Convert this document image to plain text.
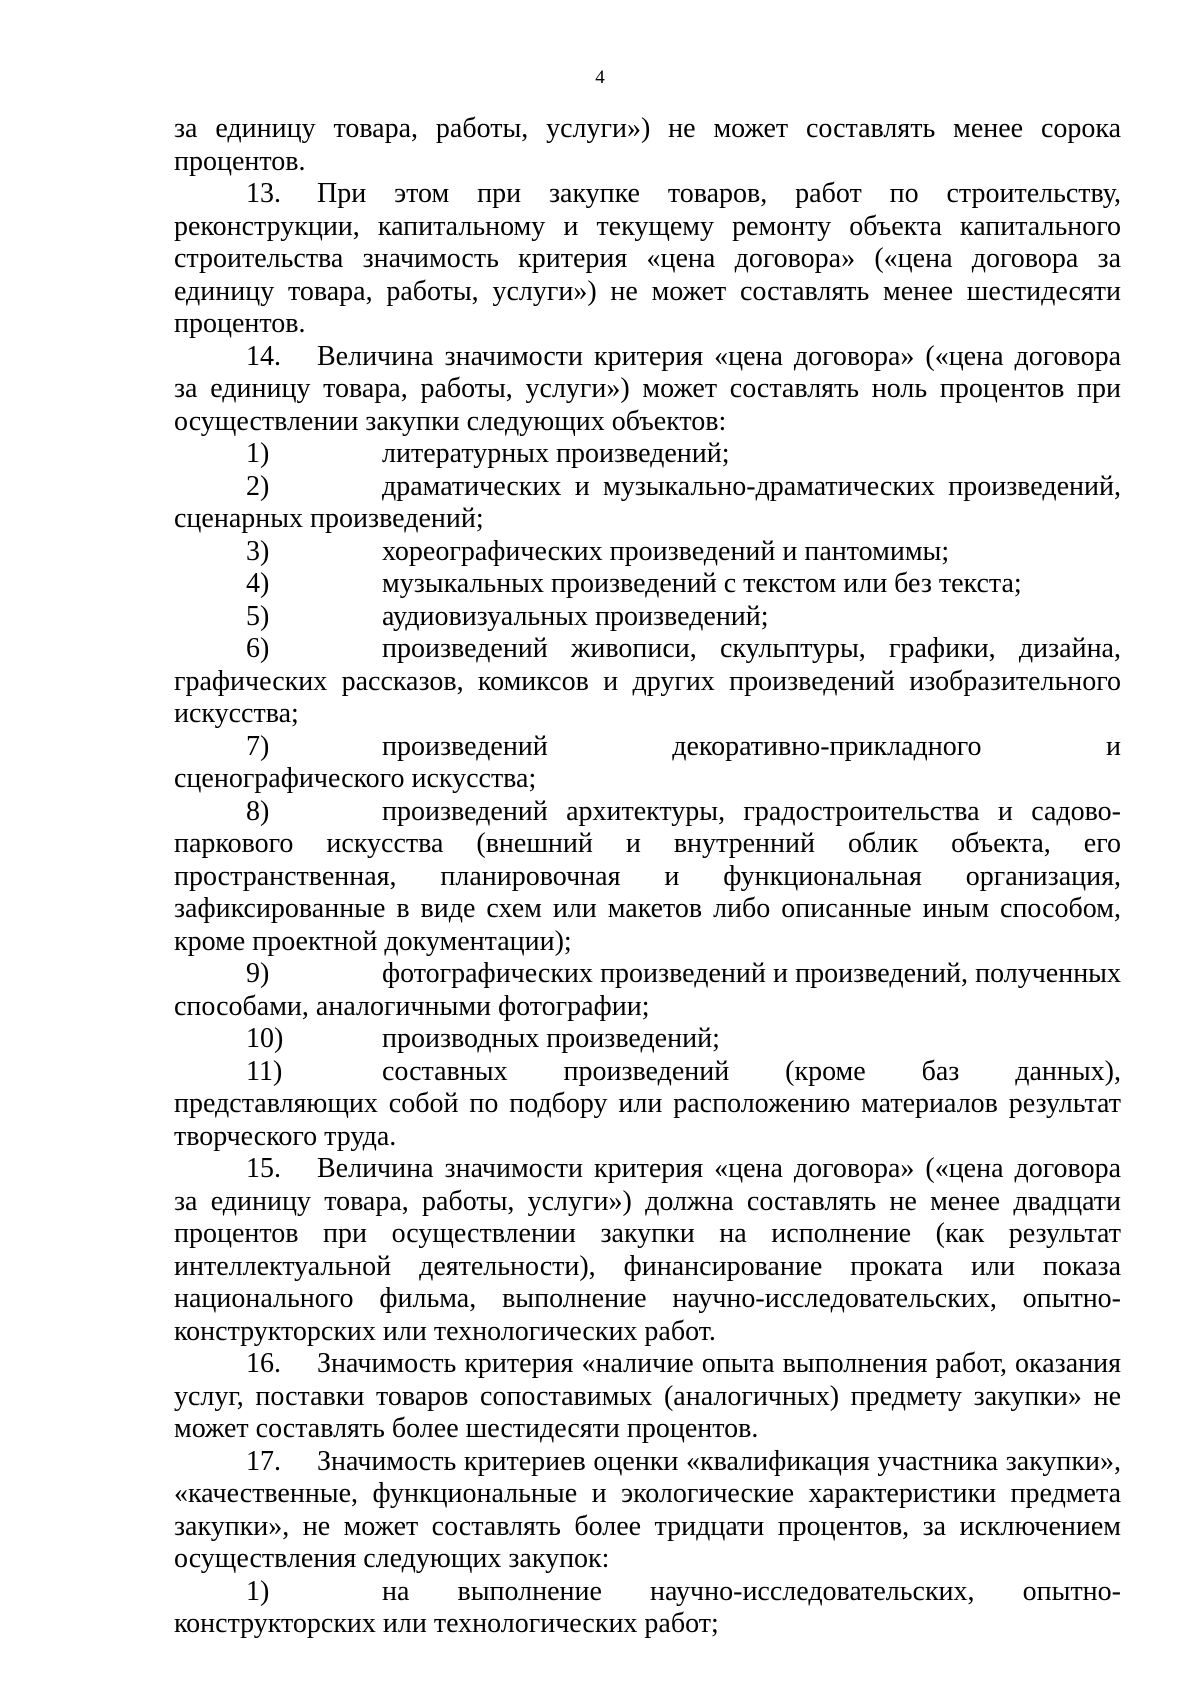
4

за единицу товара, работы, услуги») не может составлять менее сорока процентов.

13. При этом при закупке товаров, работ по строительству, реконструкции, капитальному и текущему ремонту объекта капитального строительства значимость критерия «цена договора» («цена договора за единицу товара, работы, услуги») не может составлять менее шестидесяти процентов.

14. Величина значимости критерия «цена договора» («цена договора за единицу товара, работы, услуги») может составлять ноль процентов при осуществлении закупки следующих объектов:

1)	литературных произведений;

2)	драматических и музыкально-драматических произведений, сценарных произведений;

3)	хореографических произведений и пантомимы;

4)	музыкальных произведений с текстом или без текста;

5)	аудиовизуальных произведений;

6)	произведений живописи, скульптуры, графики, дизайна, графических рассказов, комиксов и других произведений изобразительного искусства;

7)	произведений декоративно-прикладного и сценографического искусства;

8)	произведений архитектуры, градостроительства и садово-паркового искусства (внешний и внутренний облик объекта, его пространственная, планировочная и функциональная организация, зафиксированные в виде схем или макетов либо описанные иным способом, кроме проектной документации);

9)	фотографических произведений и произведений, полученных способами, аналогичными фотографии;

10)	производных произведений;

11)	составных произведений (кроме баз данных), представляющих собой по подбору или расположению материалов результат творческого труда.

15. Величина значимости критерия «цена договора» («цена договора за единицу товара, работы, услуги») должна составлять не менее двадцати процентов при осуществлении закупки на исполнение (как результат интеллектуальной деятельности), финансирование проката или показа национального фильма, выполнение научно-исследовательских, опытно-конструкторских или технологических работ.

16. Значимость критерия «наличие опыта выполнения работ, оказания услуг, поставки товаров сопоставимых (аналогичных) предмету закупки» не может составлять более шестидесяти процентов.

17. Значимость критериев оценки «квалификация участника закупки», «качественные, функциональные и экологические характеристики предмета закупки», не может составлять более тридцати процентов, за исключением осуществления следующих закупок:

1)	на выполнение научно-исследовательских, опытно-конструкторских или технологических работ;
